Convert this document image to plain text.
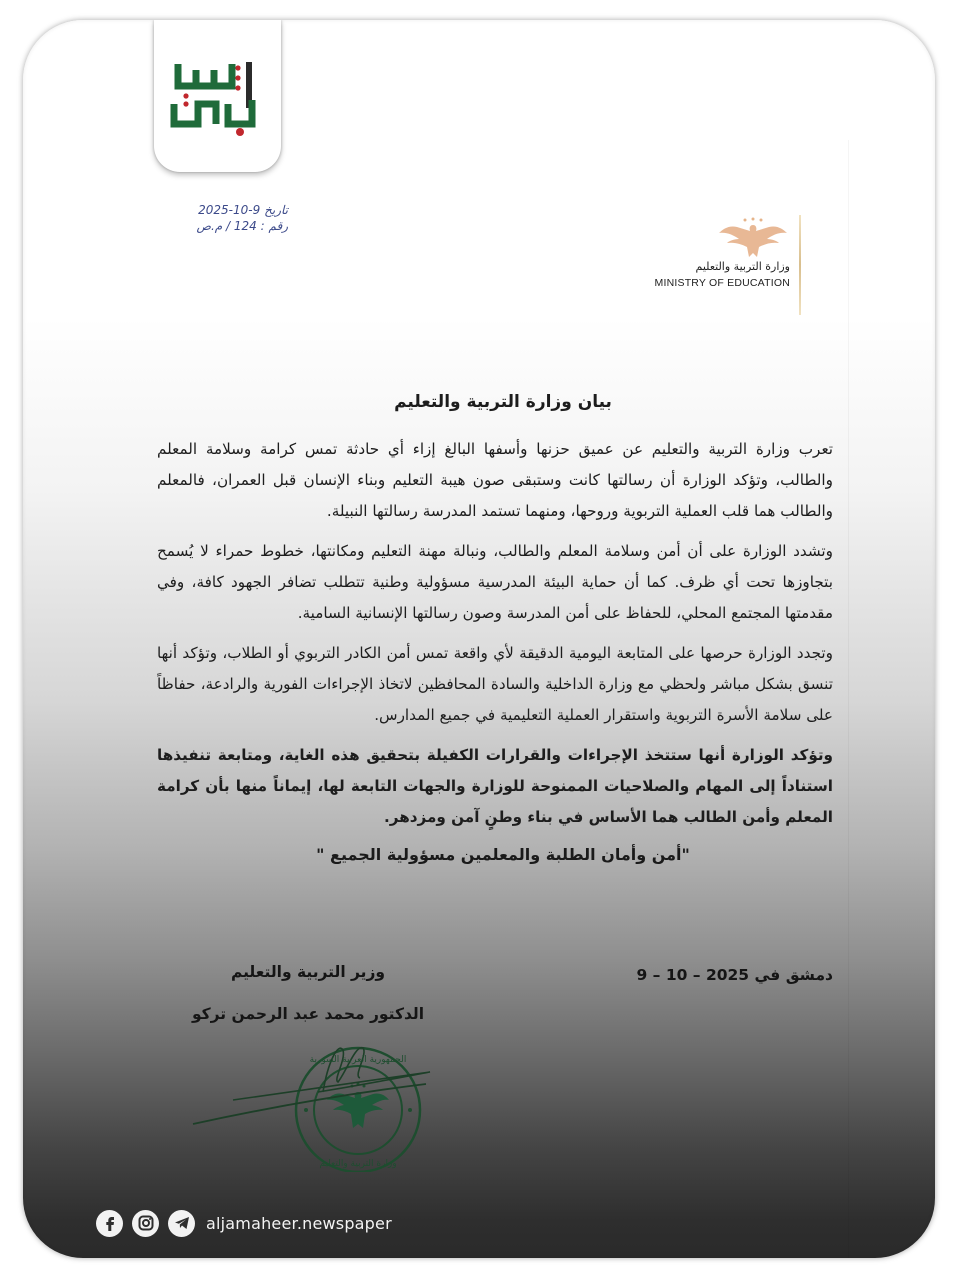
تاريخ 9-10-2025
رقم : 124 / م.ص
وزارة التربية والتعليم
MINISTRY OF EDUCATION
بيان وزارة التربية والتعليم

تعرب وزارة التربية والتعليم عن عميق حزنها وأسفها البالغ إزاء أي حادثة تمس كرامة وسلامة المعلم والطالب، وتؤكد الوزارة أن رسالتها كانت وستبقى صون هيبة التعليم وبناء الإنسان قبل العمران، فالمعلم والطالب هما قلب العملية التربوية وروحها، ومنهما تستمد المدرسة رسالتها النبيلة.

وتشدد الوزارة على أن أمن وسلامة المعلم والطالب، ونبالة مهنة التعليم ومكانتها، خطوط حمراء لا يُسمح بتجاوزها تحت أي ظرف. كما أن حماية البيئة المدرسية مسؤولية وطنية تتطلب تضافر الجهود كافة، وفي مقدمتها المجتمع المحلي، للحفاظ على أمن المدرسة وصون رسالتها الإنسانية السامية.

وتجدد الوزارة حرصها على المتابعة اليومية الدقيقة لأي واقعة تمس أمن الكادر التربوي أو الطلاب، وتؤكد أنها تنسق بشكل مباشر ولحظي مع وزارة الداخلية والسادة المحافظين لاتخاذ الإجراءات الفورية والرادعة، حفاظاً على سلامة الأسرة التربوية واستقرار العملية التعليمية في جميع المدارس.

وتؤكد الوزارة أنها ستتخذ الإجراءات والقرارات الكفيلة بتحقيق هذه الغاية، ومتابعة تنفيذها استناداً إلى المهام والصلاحيات الممنوحة للوزارة والجهات التابعة لها، إيماناً منها بأن كرامة المعلم وأمن الطالب هما الأساس في بناء وطنٍ آمن ومزدهر.

"أمن وأمان الطلبة والمعلمين مسؤولية الجميع "
دمشق في 2025 – 10 – 9
وزير التربية والتعليم
الدكتور محمد عبد الرحمن تركو
الجمهورية العربية السورية
وزارة التربية والتعليم
aljamaheer.newspaper
